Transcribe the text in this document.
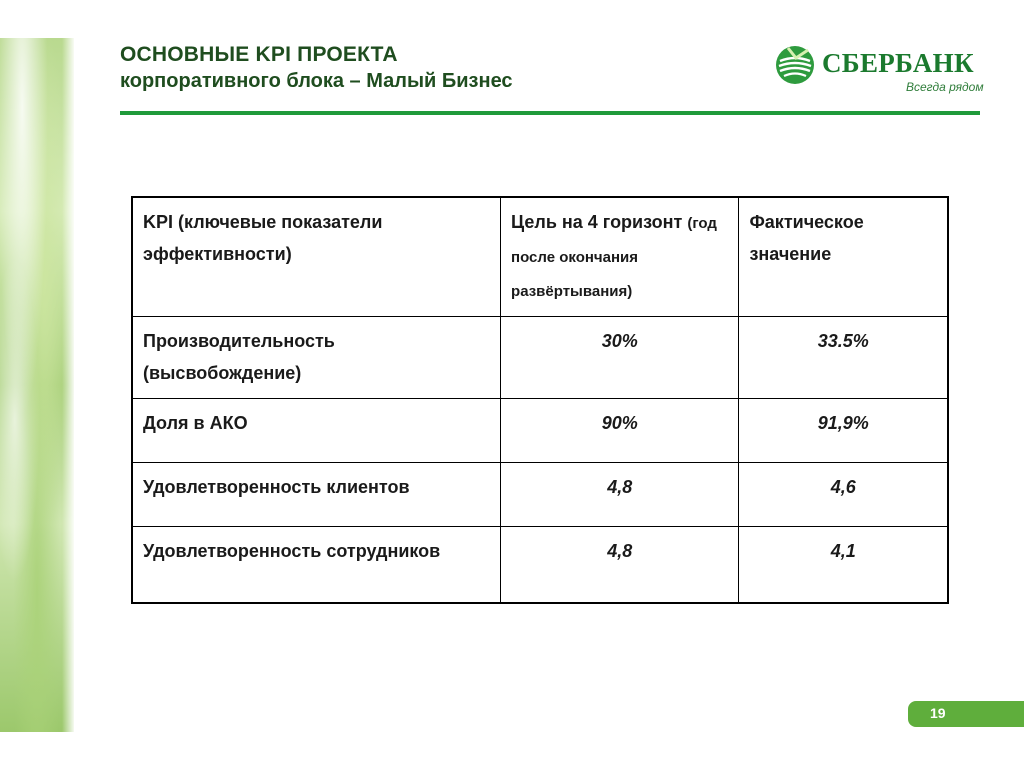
ОСНОВНЫЕ KPI ПРОЕКТА
корпоративного блока – Малый Бизнес
СБЕРБАНК
Всегда рядом
KPI (ключевые показатели эффективности)	Цель на 4 горизонт (год после окончания развёртывания)	Фактическое значение
Производительность (высвобождение)	30%	33.5%
Доля в АКО	90%	91,9%
Удовлетворенность клиентов	4,8	4,6
Удовлетворенность сотрудников	4,8	4,1
19
